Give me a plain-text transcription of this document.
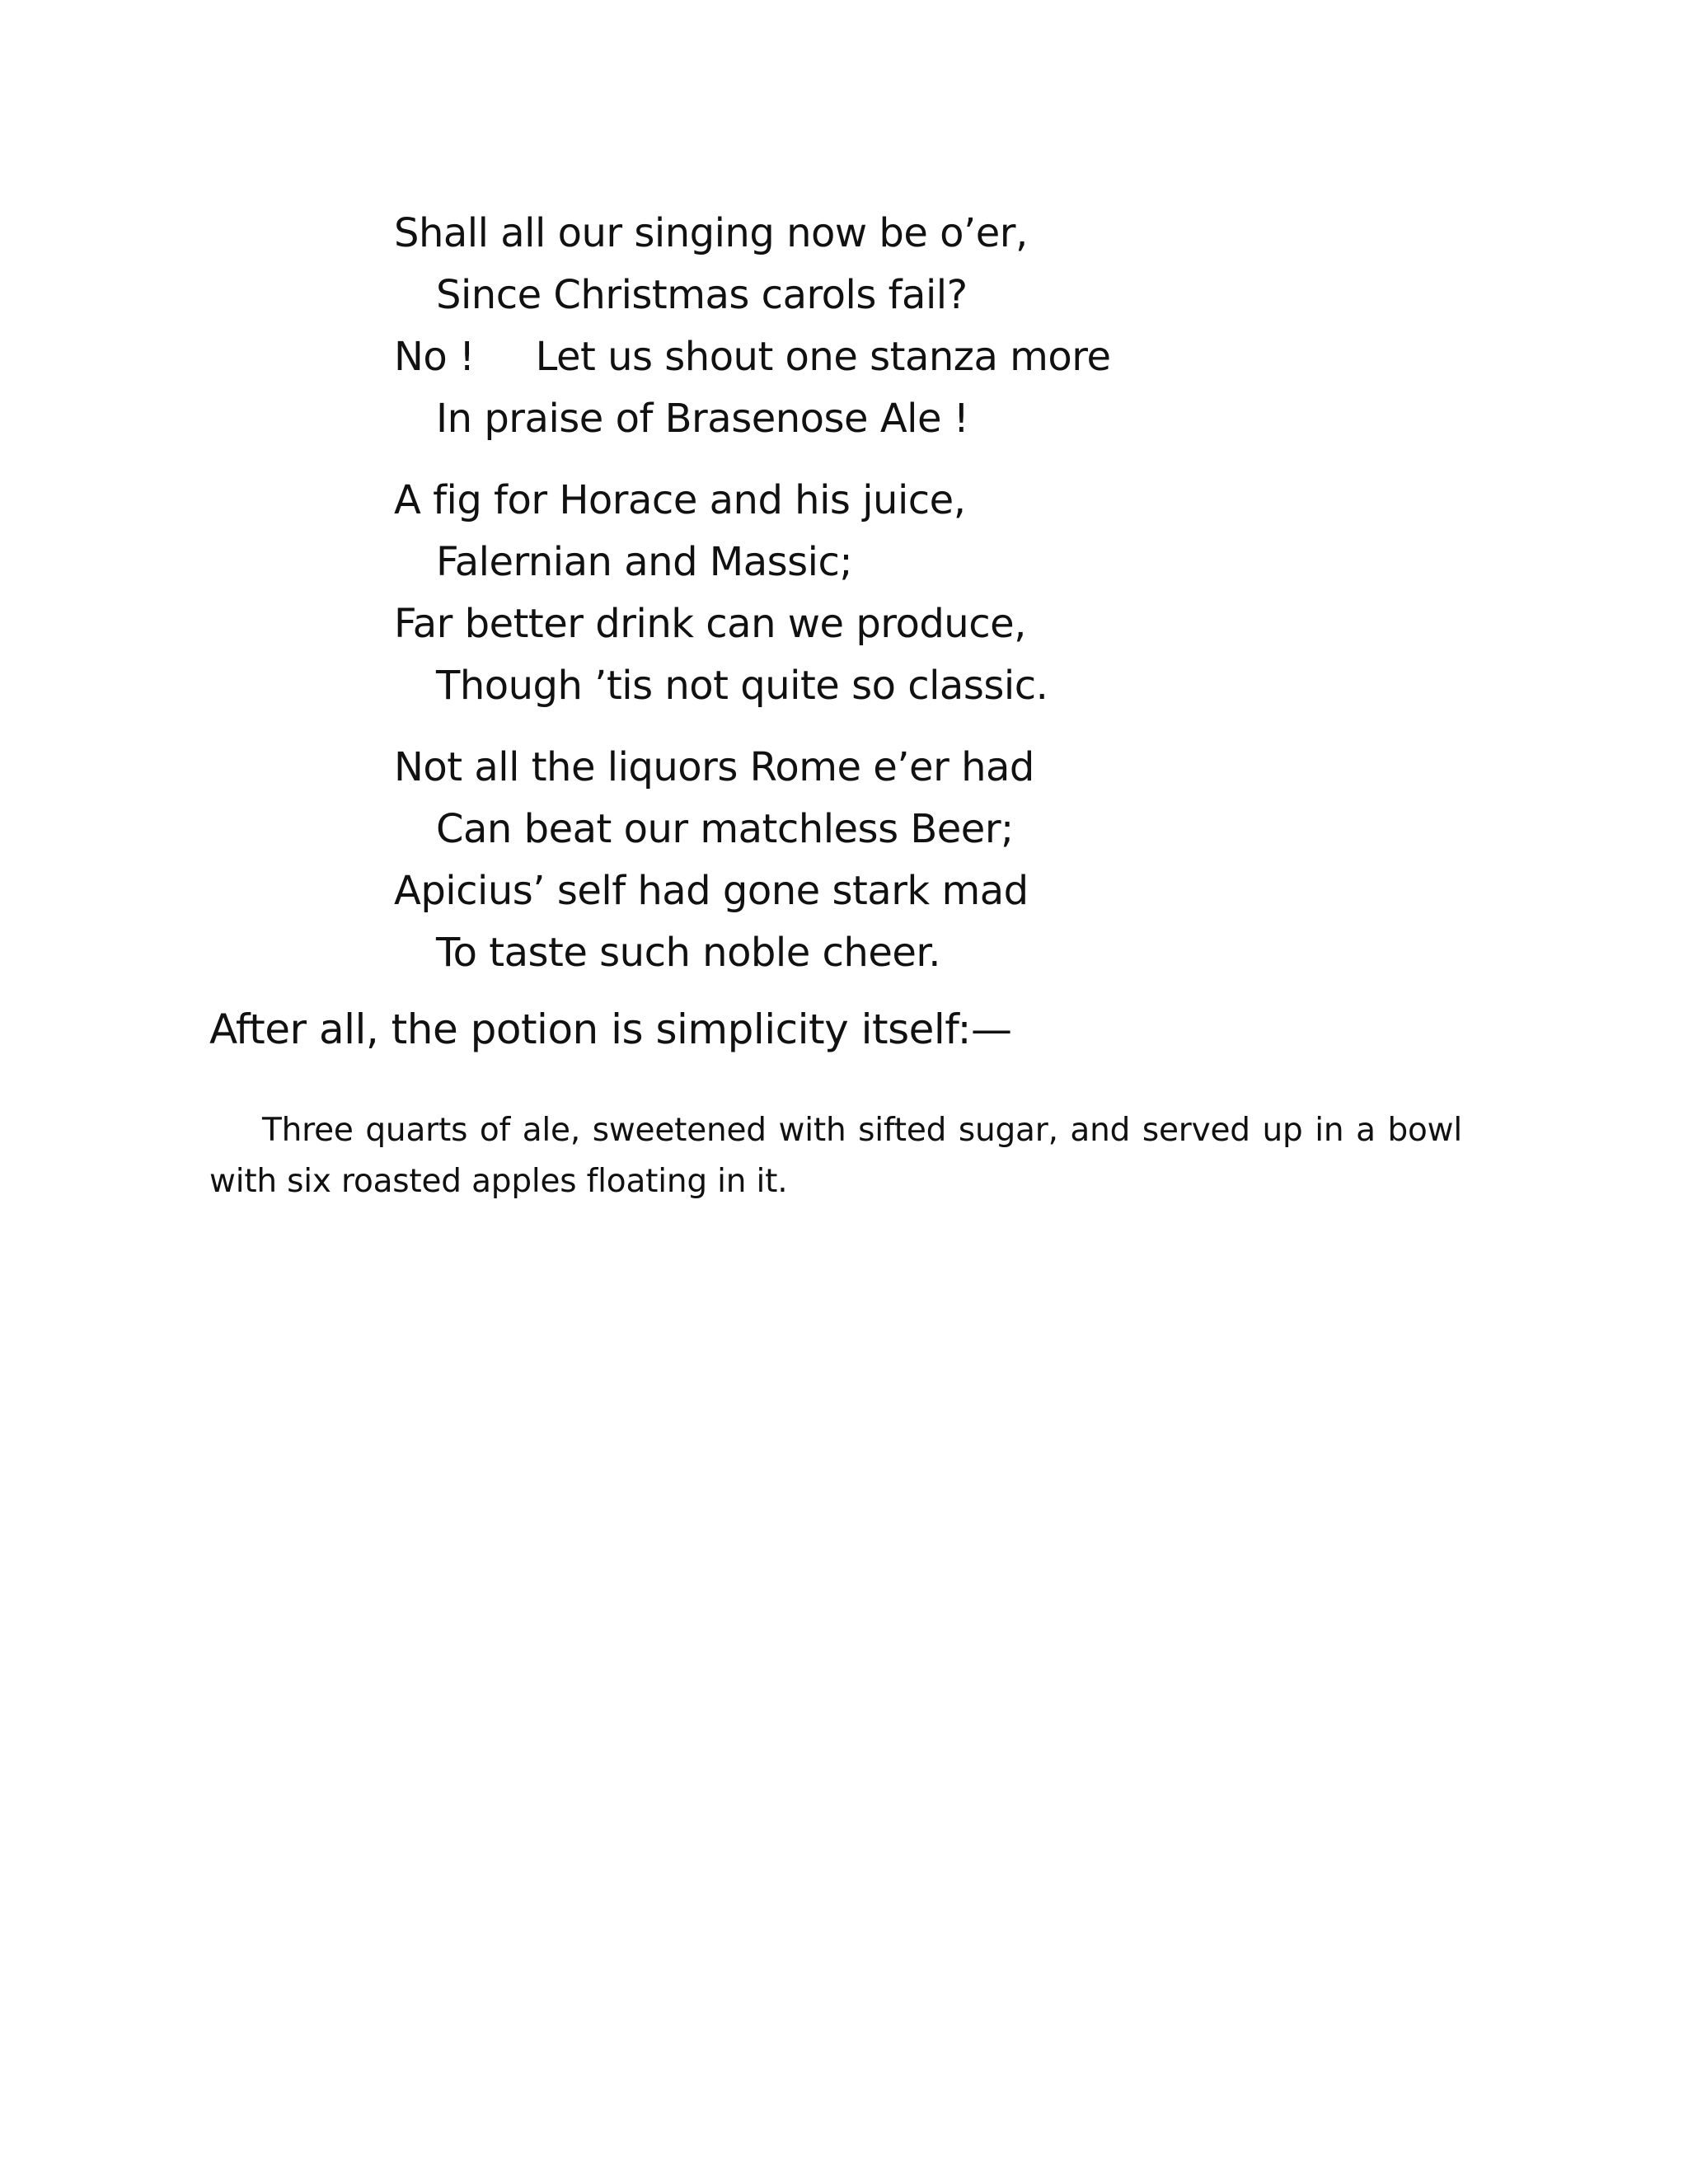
Shall all our singing now be o’er,
Since Christmas carols fail?
No !     Let us shout one stanza more
In praise of Brasenose Ale !
A fig for Horace and his juice,
Falernian and Massic;
Far better drink can we produce,
Though ’tis not quite so classic.
Not all the liquors Rome e’er had
Can beat our matchless Beer;
Apicius’ self had gone stark mad
To taste such noble cheer.
After all, the potion is simplicity itself:—

Three quarts of ale, sweetened with sifted sugar, and served up in a bowl with six roasted apples floating in it.
